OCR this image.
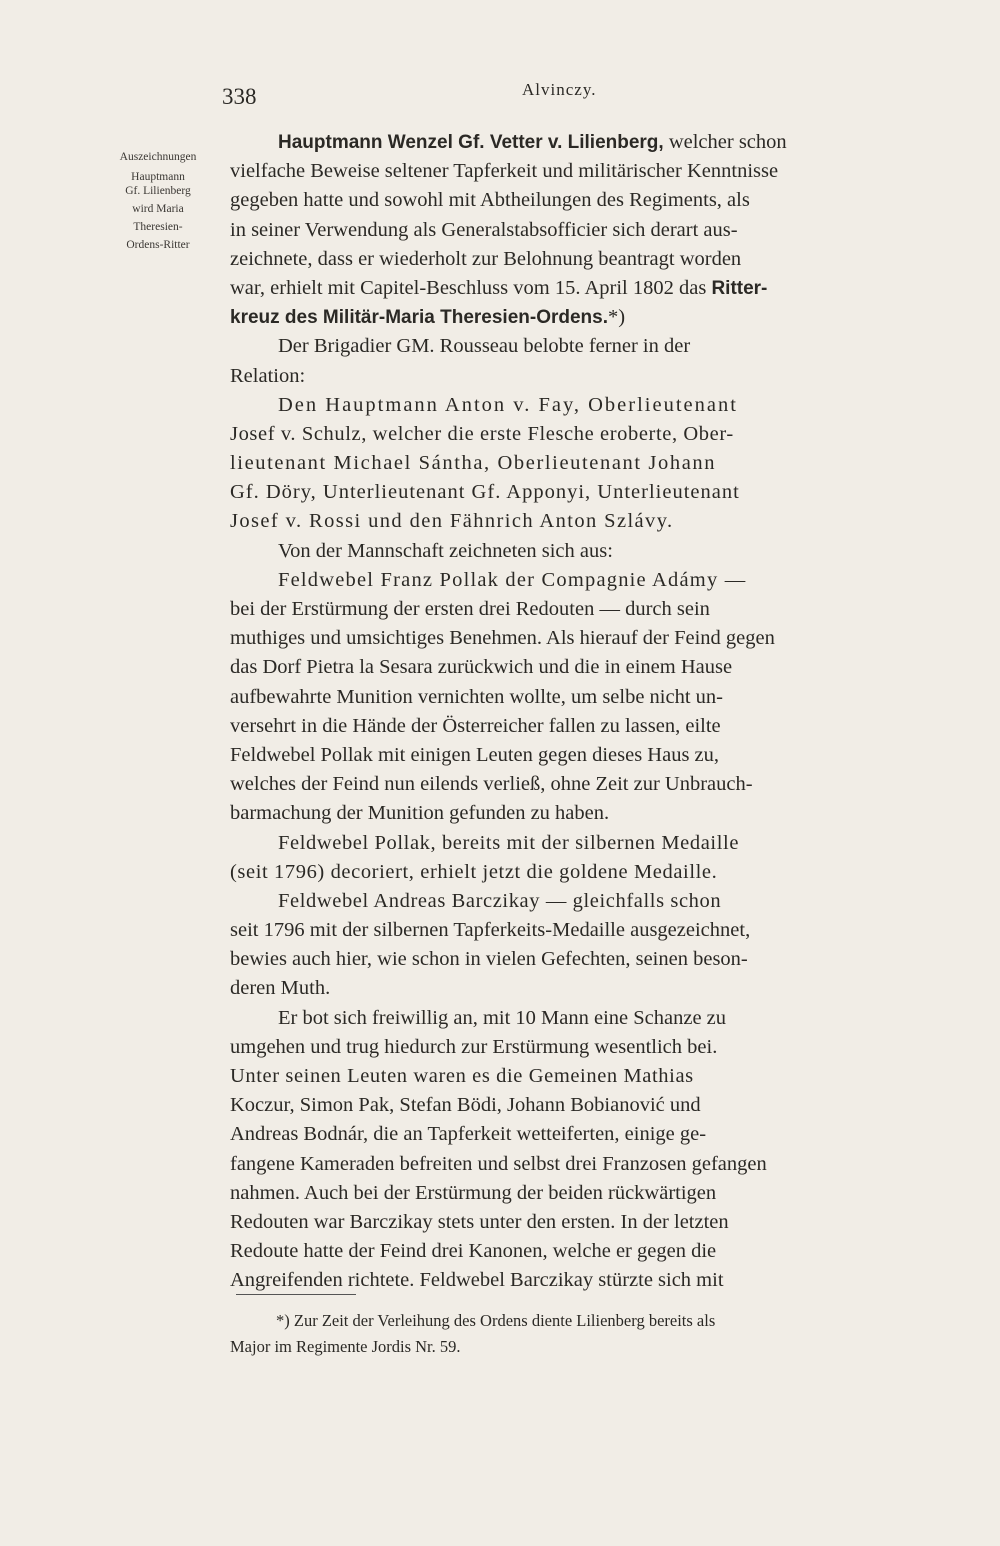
338	Alvinczy.
Auszeichnungen
Hauptmann
Gf. Lilienberg
wird Maria
Theresien-
Ordens-Ritter
Hauptmann Wenzel Gf. Vetter v. Lilienberg, welcher schon
vielfache Beweise seltener Tapferkeit und militärischer Kenntnisse
gegeben hatte und sowohl mit Abtheilungen des Regiments, als
in seiner Verwendung als Generalstabsofficier sich derart aus-
zeichnete, dass er wiederholt zur Belohnung beantragt worden
war, erhielt mit Capitel-Beschluss vom 15. April 1802 das Ritter-
kreuz des Militär-Maria Theresien-Ordens.*)
Der Brigadier GM. Rousseau belobte ferner in der
Relation:
Den Hauptmann Anton v. Fay, Oberlieutenant
Josef v. Schulz, welcher die erste Flesche eroberte, Ober-
lieutenant Michael Sántha, Oberlieutenant Johann
Gf. Döry, Unterlieutenant Gf. Apponyi, Unterlieutenant
Josef v. Rossi und den Fähnrich Anton Szlávy.
Von der Mannschaft zeichneten sich aus:
Feldwebel Franz Pollak der Compagnie Adámy —
bei der Erstürmung der ersten drei Redouten — durch sein
muthiges und umsichtiges Benehmen. Als hierauf der Feind gegen
das Dorf Pietra la Sesara zurückwich und die in einem Hause
aufbewahrte Munition vernichten wollte, um selbe nicht un-
versehrt in die Hände der Österreicher fallen zu lassen, eilte
Feldwebel Pollak mit einigen Leuten gegen dieses Haus zu,
welches der Feind nun eilends verließ, ohne Zeit zur Unbrauch-
barmachung der Munition gefunden zu haben.
Feldwebel Pollak, bereits mit der silbernen Medaille
(seit 1796) decoriert, erhielt jetzt die goldene Medaille.
Feldwebel Andreas Barczikay — gleichfalls schon
seit 1796 mit der silbernen Tapferkeits-Medaille ausgezeichnet,
bewies auch hier, wie schon in vielen Gefechten, seinen beson-
deren Muth.
Er bot sich freiwillig an, mit 10 Mann eine Schanze zu
umgehen und trug hiedurch zur Erstürmung wesentlich bei.
Unter seinen Leuten waren es die Gemeinen Mathias
Koczur, Simon Pak, Stefan Bödi, Johann Bobianović und
Andreas Bodnár, die an Tapferkeit wetteiferten, einige ge-
fangene Kameraden befreiten und selbst drei Franzosen gefangen
nahmen. Auch bei der Erstürmung der beiden rückwärtigen
Redouten war Barczikay stets unter den ersten. In der letzten
Redoute hatte der Feind drei Kanonen, welche er gegen die
Angreifenden richtete. Feldwebel Barczikay stürzte sich mit
*) Zur Zeit der Verleihung des Ordens diente Lilienberg bereits als
Major im Regimente Jordis Nr. 59.
